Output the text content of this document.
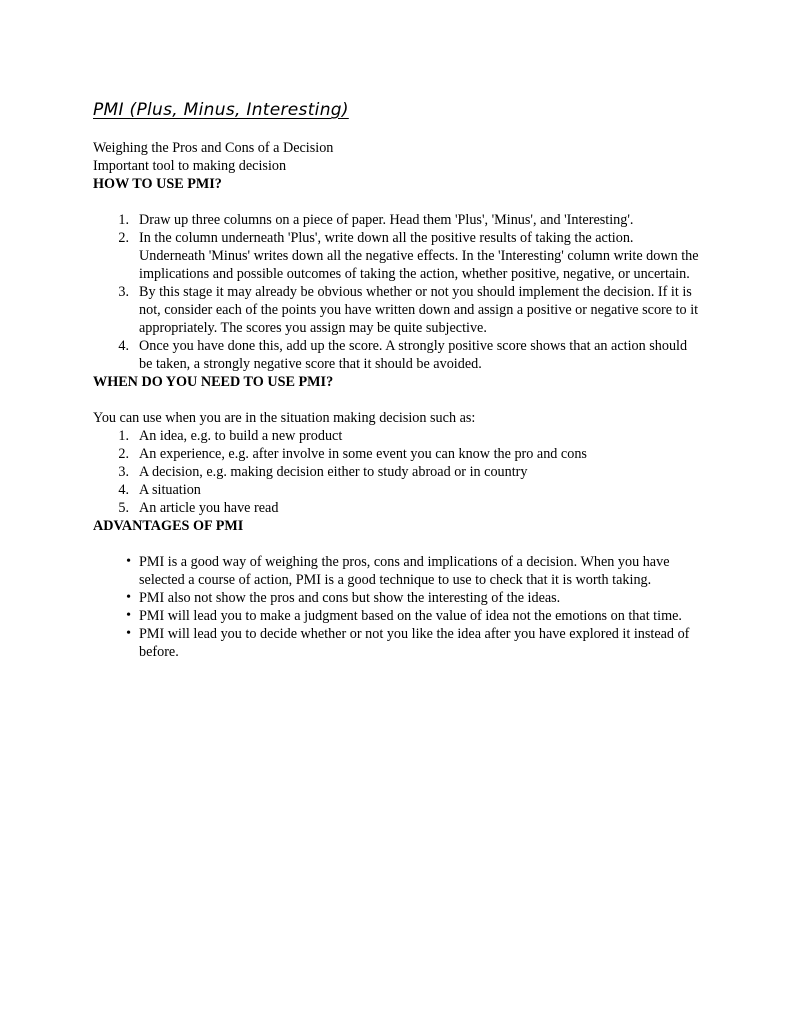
PMI (Plus, Minus, Interesting)
Weighing the Pros and Cons of a Decision
Important tool to making decision
HOW TO USE PMI?
1. Draw up three columns on a piece of paper. Head them 'Plus', 'Minus', and 'Interesting'.
2. In the column underneath 'Plus', write down all the positive results of taking the action. Underneath 'Minus' writes down all the negative effects. In the 'Interesting' column write down the implications and possible outcomes of taking the action, whether positive, negative, or uncertain.
3. By this stage it may already be obvious whether or not you should implement the decision. If it is not, consider each of the points you have written down and assign a positive or negative score to it appropriately. The scores you assign may be quite subjective.
4. Once you have done this, add up the score. A strongly positive score shows that an action should be taken, a strongly negative score that it should be avoided.
WHEN DO YOU NEED TO USE PMI?
You can use when you are in the situation making decision such as:
1. An idea, e.g. to build a new product
2. An experience, e.g. after involve in some event you can know the pro and cons
3. A decision, e.g. making decision either to study abroad or in country
4. A situation
5. An article you have read
ADVANTAGES OF PMI
• PMI is a good way of weighing the pros, cons and implications of a decision. When you have selected a course of action, PMI is a good technique to use to check that it is worth taking.
• PMI also not show the pros and cons but show the interesting of the ideas.
• PMI will lead you to make a judgment based on the value of idea not the emotions on that time.
• PMI will lead you to decide whether or not you like the idea after you have explored it instead of before.
